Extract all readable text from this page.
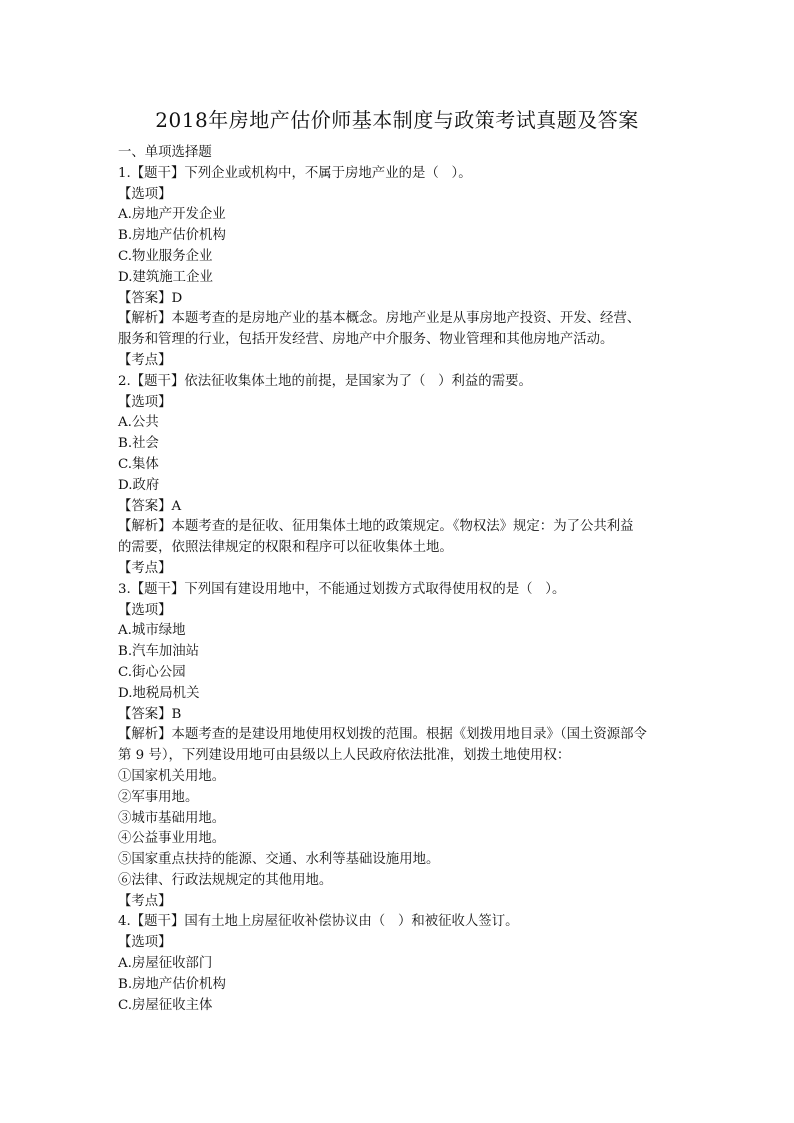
2018年房地产估价师基本制度与政策考试真题及答案
一、单项选择题
1.【题干】下列企业或机构中，不属于房地产业的是（   ）。
【选项】
A.房地产开发企业
B.房地产估价机构
C.物业服务企业
D.建筑施工企业
【答案】D
【解析】本题考查的是房地产业的基本概念。房地产业是从事房地产投资、开发、经营、
服务和管理的行业，包括开发经营、房地产中介服务、物业管理和其他房地产活动。
【考点】
2.【题干】依法征收集体土地的前提，是国家为了（   ）利益的需要。
【选项】
A.公共
B.社会
C.集体
D.政府
【答案】A
【解析】本题考查的是征收、征用集体土地的政策规定。《物权法》规定：为了公共利益
的需要，依照法律规定的权限和程序可以征收集体土地。
【考点】
3.【题干】下列国有建设用地中，不能通过划拨方式取得使用权的是（   ）。
【选项】
A.城市绿地
B.汽车加油站
C.街心公园
D.地税局机关
【答案】B
【解析】本题考查的是建设用地使用权划拨的范围。根据《划拨用地目录》（国土资源部令
第 9 号），下列建设用地可由县级以上人民政府依法批准，划拨土地使用权：
①国家机关用地。
②军事用地。
③城市基础用地。
④公益事业用地。
⑤国家重点扶持的能源、交通、水利等基础设施用地。
⑥法律、行政法规规定的其他用地。
【考点】
4.【题干】国有土地上房屋征收补偿协议由（   ）和被征收人签订。
【选项】
A.房屋征收部门
B.房地产估价机构
C.房屋征收主体
